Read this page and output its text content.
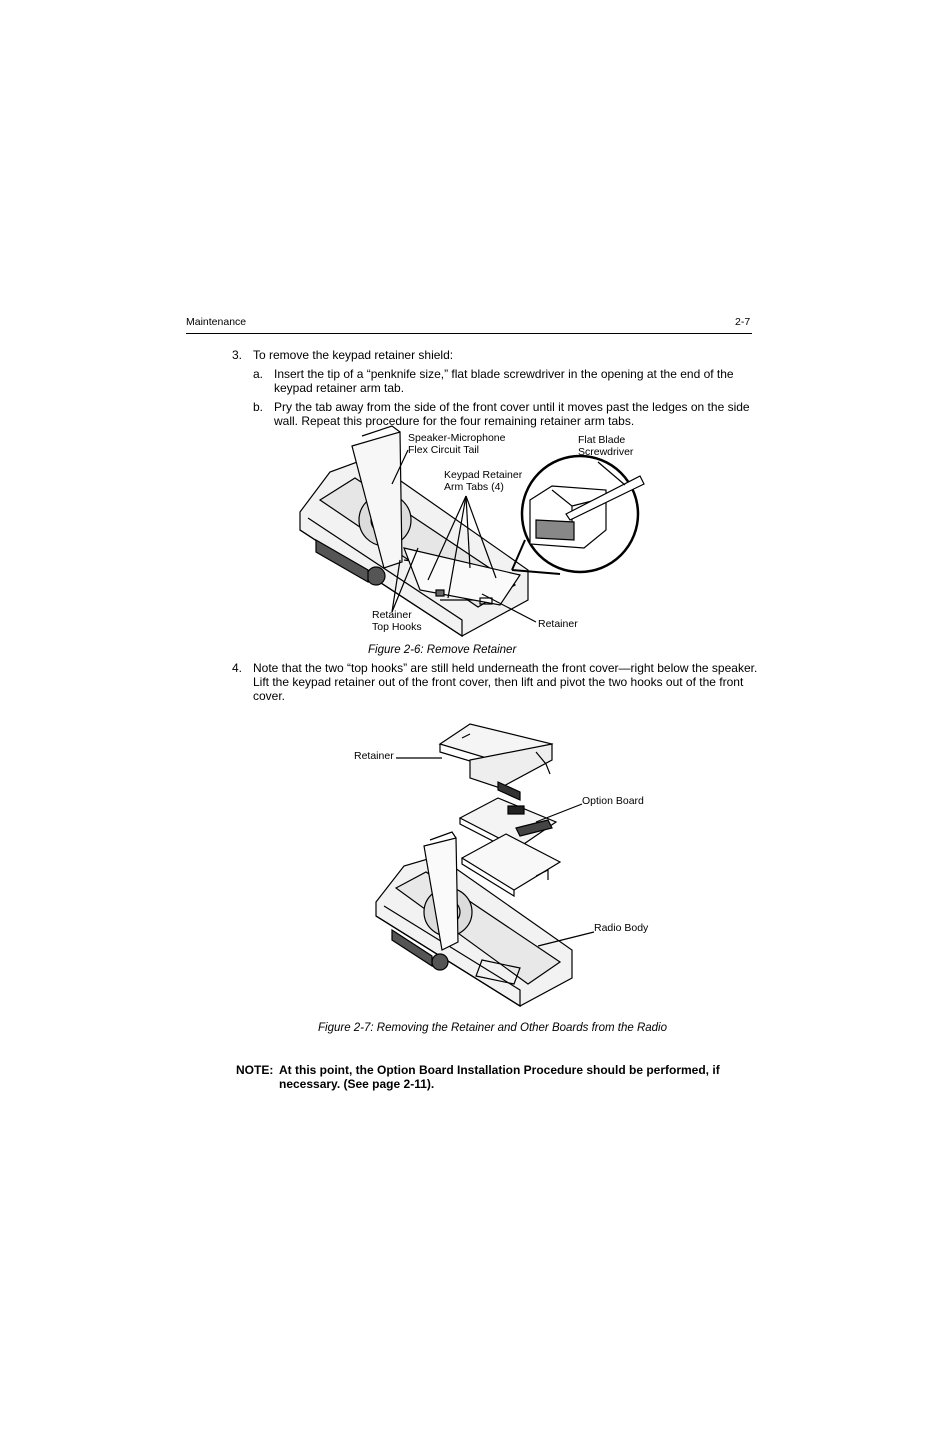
Maintenance	2-7
3. To remove the keypad retainer shield:
a. Insert the tip of a “penknife size,” flat blade screwdriver in the opening at the end of the
keypad retainer arm tab.
b. Pry the tab away from the side of the front cover until it moves past the ledges on the side
wall. Repeat this procedure for the four remaining retainer arm tabs.
Speaker-Microphone
Flex Circuit Tail
Flat Blade
Screwdriver
Keypad Retainer
Arm Tabs (4)
Retainer
Top Hooks	Retainer
Figure 2-6: Remove Retainer
4. Note that the two “top hooks” are still held underneath the front cover—right below the speaker.
Lift the keypad retainer out of the front cover, then lift and pivot the two hooks out of the front
cover.
Retainer
Option Board
Radio Body
Figure 2-7: Removing the Retainer and Other Boards from the Radio
NOTE: At this point, the Option Board Installation Procedure should be performed, if
necessary. (See page 2-11).
